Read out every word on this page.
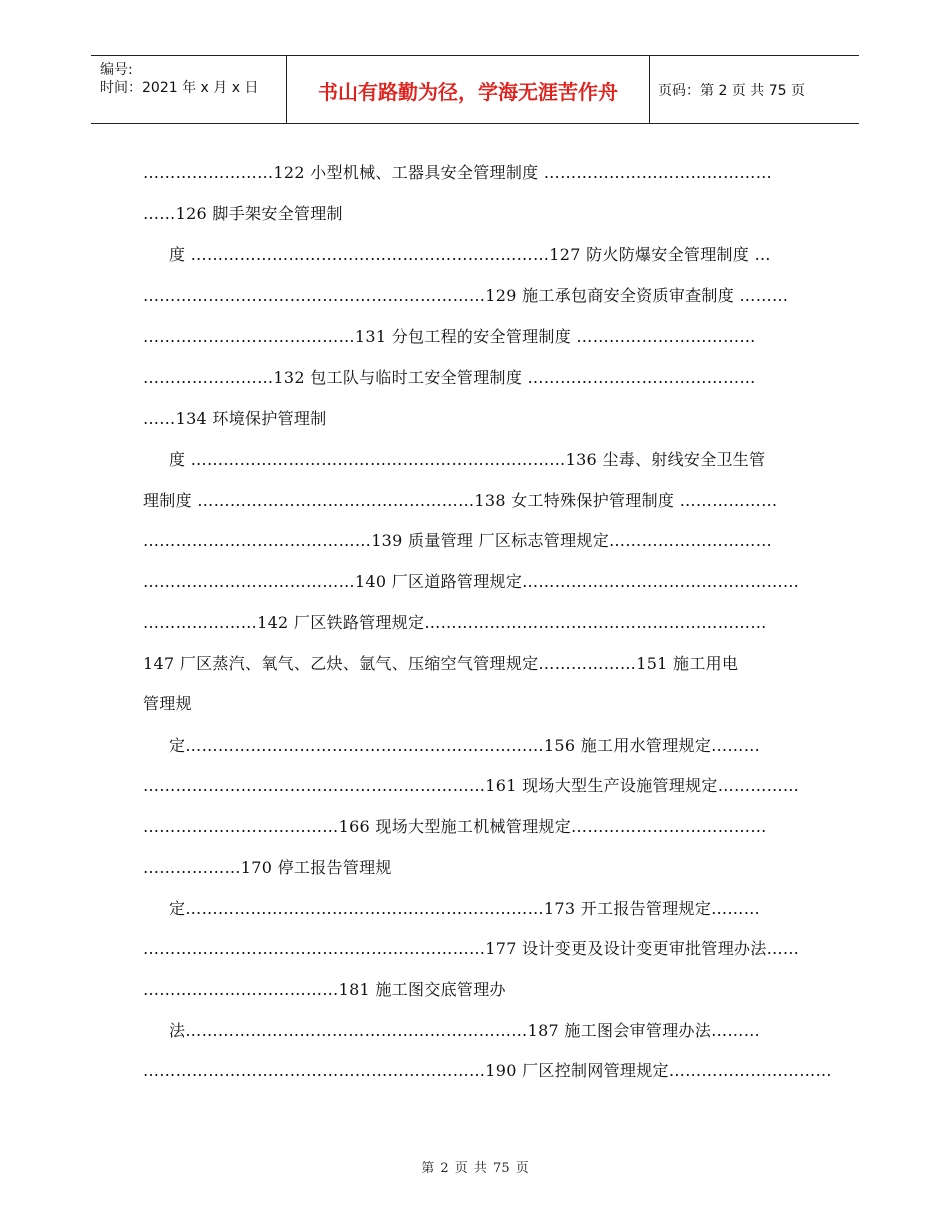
编号:
时间：2021 年 x 月 x 日	书山有路勤为径，学海无涯苦作舟	页码：第 2 页 共 75 页
……………………122 小型机械、工器具安全管理制度 ……………………………………
……126 脚手架安全管理制
度 …………………………………………………………127 防火防爆安全管理制度 …
………………………………………………………129 施工承包商安全资质审查制度 ………
…………………………………131 分包工程的安全管理制度 ……………………………
……………………132 包工队与临时工安全管理制度 ……………………………………
……134 环境保护管理制
度 ……………………………………………………………136 尘毒、射线安全卫生管
理制度 ……………………………………………138 女工特殊保护管理制度 ………………
……………………………………139 质量管理 厂区标志管理规定…………………………
…………………………………140 厂区道路管理规定……………………………………………
…………………142 厂区铁路管理规定………………………………………………………
147 厂区蒸汽、氧气、乙炔、氩气、压缩空气管理规定………………151 施工用电
管理规
定…………………………………………………………156 施工用水管理规定………
………………………………………………………161 现场大型生产设施管理规定……………
………………………………166 现场大型施工机械管理规定………………………………
………………170 停工报告管理规
定…………………………………………………………173 开工报告管理规定………
………………………………………………………177 设计变更及设计变更审批管理办法……
………………………………181 施工图交底管理办
法………………………………………………………187 施工图会审管理办法………
………………………………………………………190 厂区控制网管理规定…………………………
第 2 页 共 75 页
